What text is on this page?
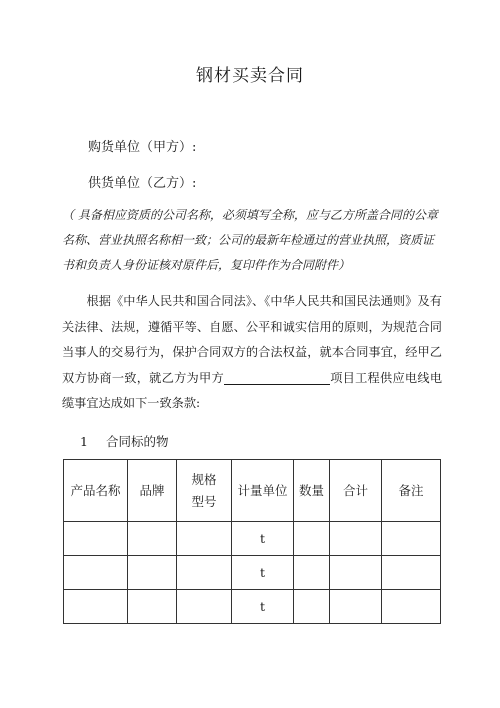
钢材买卖合同
购货单位（甲方）:
供货单位（乙方）:
（ 具备相应资质的公司名称，必须填写全称，应与乙方所盖合同的公章名称、营业执照名称相一致；公司的最新年检通过的营业执照，资质证书和负责人身份证核对原件后，复印件作为合同附件）
根据《中华人民共和国合同法》、《中华人民共和国民法通则》及有关法律、法规，遵循平等、自愿、公平和诚实信用的原则，为规范合同当事人的交易行为，保护合同双方的合法权益，就本合同事宜，经甲乙双方协商一致，就乙方为甲方	项目工程供应电线电缆事宜达成如下一致条款:
1 合同标的物
产品名称	品牌	规格型号	计量单位	数量	合计	备注
			t			
			t			
			t			
